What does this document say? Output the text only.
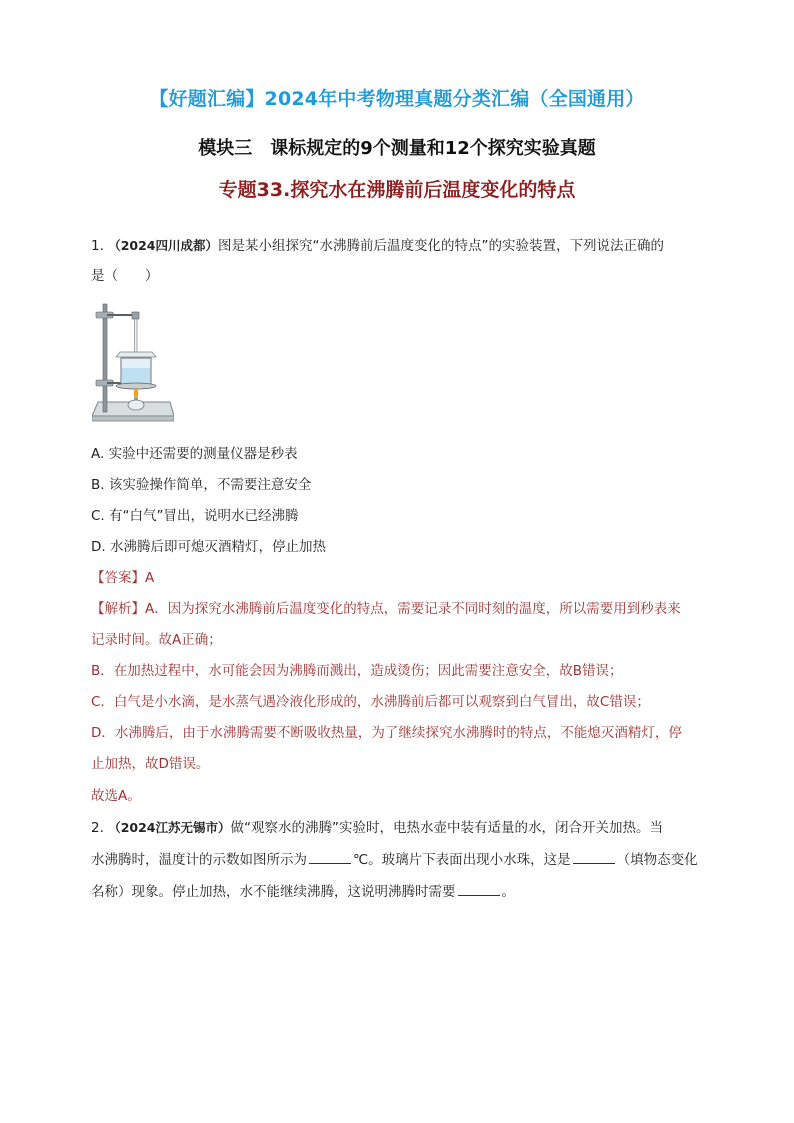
【好题汇编】2024年中考物理真题分类汇编（全国通用）
模块三　课标规定的9个测量和12个探究实验真题
专题33.探究水在沸腾前后温度变化的特点
1. （2024四川成都）图是某小组探究“水沸腾前后温度变化的特点”的实验装置，下列说法正确的
是（　　）
A. 实验中还需要的测量仪器是秒表
B. 该实验操作简单，不需要注意安全
C. 有“白气”冒出，说明水已经沸腾
D. 水沸腾后即可熄灭酒精灯，停止加热
【答案】A
【解析】A．因为探究水沸腾前后温度变化的特点，需要记录不同时刻的温度，所以需要用到秒表来
记录时间。故A正确；
B．在加热过程中，水可能会因为沸腾而溅出，造成烫伤；因此需要注意安全，故B错误；
C．白气是小水滴，是水蒸气遇冷液化形成的，水沸腾前后都可以观察到白气冒出，故C错误；
D．水沸腾后，由于水沸腾需要不断吸收热量，为了继续探究水沸腾时的特点，不能熄灭酒精灯，停
止加热，故D错误。
故选A。
2. （2024江苏无锡市）做“观察水的沸腾”实验时，电热水壶中装有适量的水，闭合开关加热。当
水沸腾时，温度计的示数如图所示为	℃。玻璃片下表面出现小水珠，这是	（填物态变化
名称）现象。停止加热，水不能继续沸腾，这说明沸腾时需要	。
